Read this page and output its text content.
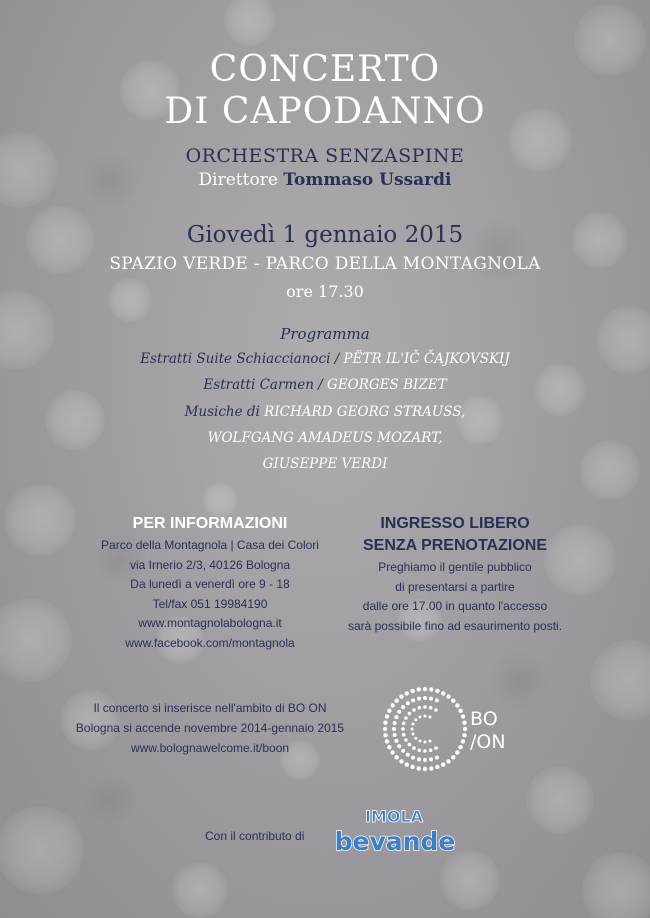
CONCERTO
DI CAPODANNO
ORCHESTRA SENZASPINE
Direttore Tommaso Ussardi
Giovedì 1 gennaio 2015
SPAZIO VERDE - PARCO DELLA MONTAGNOLA
ore 17.30
Programma
Estratti Suite Schiaccianoci / PËTR IL'IČ ČAJKOVSKIJ
Estratti Carmen / GEORGES BIZET
Musiche di RICHARD GEORG STRAUSS,
WOLFGANG AMADEUS MOZART,
GIUSEPPE VERDI
PER INFORMAZIONI
Parco della Montagnola | Casa dei Colori
via Irnerio 2/3, 40126 Bologna
Da lunedì a venerdì ore 9 - 18
Tel/fax 051 19984190
www.montagnolabologna.it
www.facebook.com/montagnola
INGRESSO LIBERO
SENZA PRENOTAZIONE
Preghiamo il gentile pubblico
di presentarsi a partire
dalle ore 17.00 in quanto l'accesso
sarà possibile fino ad esaurimento posti.
Il concerto si inserisce nell'ambito di BO ON
Bologna si accende novembre 2014-gennaio 2015
www.bolognawelcome.it/boon
BO
/ON
Con il contributo di
IMOLA
bevande
